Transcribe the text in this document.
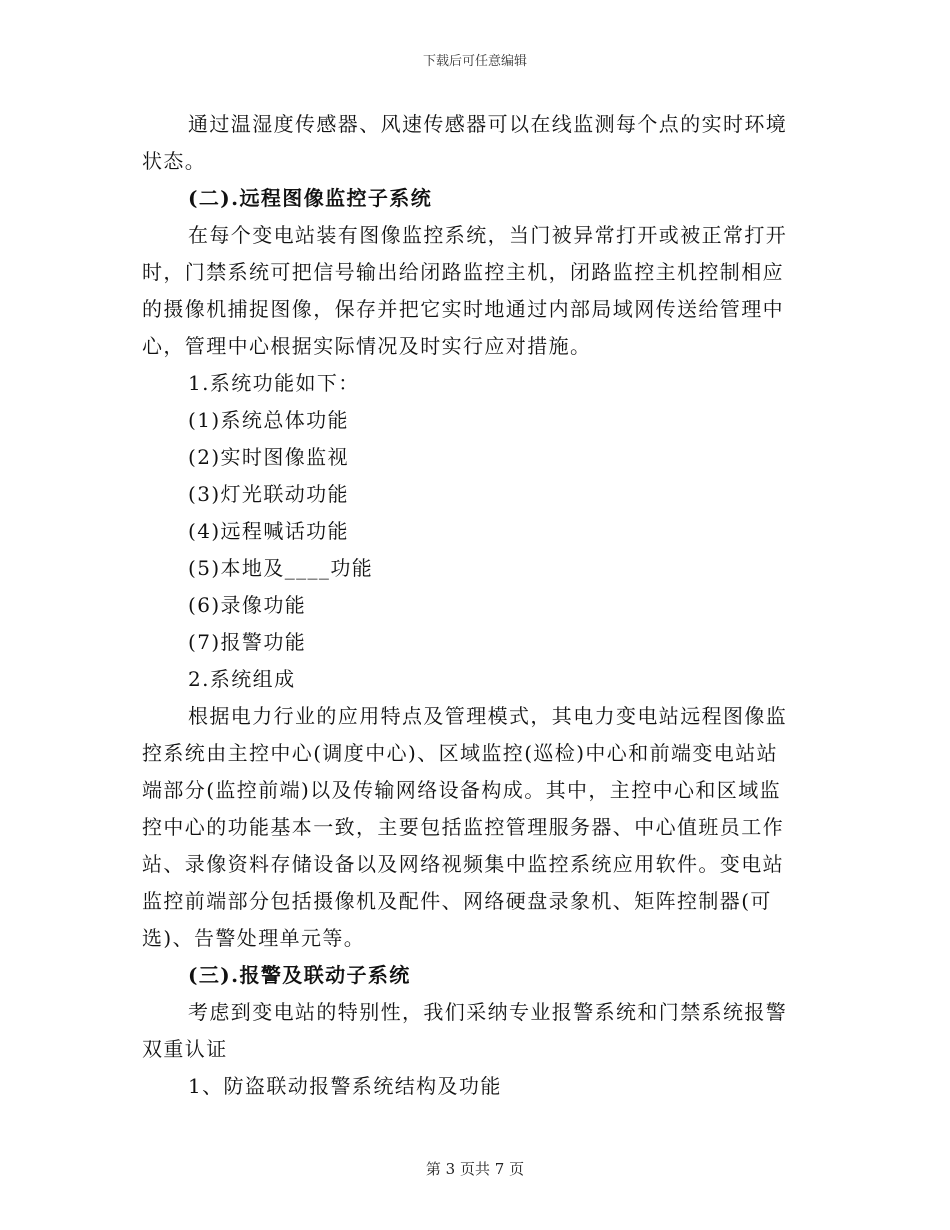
下载后可任意编辑
通过温湿度传感器、风速传感器可以在线监测每个点的实时环境
状态。
(二).远程图像监控子系统
在每个变电站装有图像监控系统，当门被异常打开或被正常打开
时，门禁系统可把信号输出给闭路监控主机，闭路监控主机控制相应
的摄像机捕捉图像，保存并把它实时地通过内部局域网传送给管理中
心，管理中心根据实际情况及时实行应对措施。
1.系统功能如下：
(1)系统总体功能
(2)实时图像监视
(3)灯光联动功能
(4)远程喊话功能
(5)本地及____功能
(6)录像功能
(7)报警功能
2.系统组成
根据电力行业的应用特点及管理模式，其电力变电站远程图像监
控系统由主控中心(调度中心)、区域监控(巡检)中心和前端变电站站
端部分(监控前端)以及传输网络设备构成。其中，主控中心和区域监
控中心的功能基本一致，主要包括监控管理服务器、中心值班员工作
站、录像资料存储设备以及网络视频集中监控系统应用软件。变电站
监控前端部分包括摄像机及配件、网络硬盘录象机、矩阵控制器(可
选)、告警处理单元等。
(三).报警及联动子系统
考虑到变电站的特别性，我们采纳专业报警系统和门禁系统报警
双重认证
1、防盗联动报警系统结构及功能
第 3 页共 7 页
